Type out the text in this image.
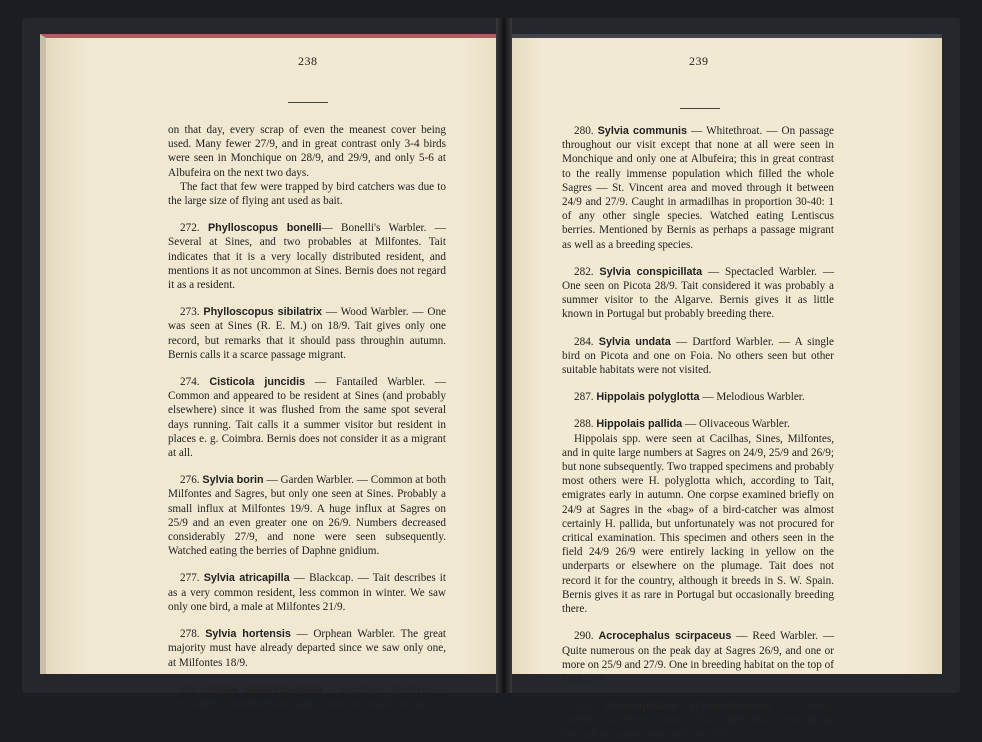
238

on that day, every scrap of even the meanest cover being used. Many fewer 27/9, and in great contrast only 3-4 birds were seen in Monchique on 28/9, and 29/9, and only 5-6 at Albufeira on the next two days.

The fact that few were trapped by bird catchers was due to the large size of flying ant used as bait.

272. Phylloscopus bonelli— Bonelli's Warbler. — Several at Sines, and two probables at Milfontes. Tait indicates that it is a very locally distributed resident, and mentions it as not uncommon at Sines. Bernis does not regard it as a resident.

273. Phylloscopus sibilatrix — Wood Warbler. — One was seen at Sines (R. E. M.) on 18/9. Tait gives only one record, but remarks that it should pass throughin autumn. Bernis calls it a scarce passage migrant.

274. Cisticola juncidis — Fantailed Warbler. — Common and appeared to be resident at Sines (and probably elsewhere) since it was flushed from the same spot several days running. Tait calls it a summer visitor but resident in places e. g. Coimbra. Bernis does not consider it as a migrant at all.

276. Sylvia borin — Garden Warbler. — Common at both Milfontes and Sagres, but only one seen at Sines. Probably a small influx at Milfontes 19/9. A huge influx at Sagres on 25/9 and an even greater one on 26/9. Numbers decreased considerably 27/9, and none were seen subsequently. Watched eating the berries of Daphne gnidium.

277. Sylvia atricapilla — Blackcap. — Tait describes it as a very common resident, less common in winter. We saw only one bird, a male at Milfontes 21/9.

278. Sylvia hortensis — Orphean Warbler. The great majority must have already departed since we saw only one, at Milfontes 18/9.

279. Sylvia melanocephala— Sardinian Warbler. — Very widely distributed and quite common, usually in pairs.

239

280. Sylvia communis — Whitethroat. — On passage throughout our visit except that none at all were seen in Monchique and only one at Albufeira; this in great contrast to the really immense population which filled the whole Sagres — St. Vincent area and moved through it between 24/9 and 27/9. Caught in armadilhas in proportion 30-40: 1 of any other single species. Watched eating Lentiscus berries. Mentioned by Bernis as perhaps a passage migrant as well as a breeding species.

282. Sylvia conspicillata — Spectacled Warbler. — One seen on Picota 28/9. Tait considered it was probably a summer visitor to the Algarve. Bernis gives it as little known in Portugal but probably breeding there.

284. Sylvia undata — Dartford Warbler. — A single bird on Picota and one on Foia. No others seen but other suitable habitats were not visited.

287. Hippolais polyglotta — Melodious Warbler.

288. Hippolais pallida — Olivaceous Warbler.

Hippolais spp. were seen at Cacilhas, Sines, Milfontes, and in quite large numbers at Sagres on 24/9, 25/9 and 26/9; but none subsequently. Two trapped specimens and probably most others were H. polyglotta which, according to Tait, emigrates early in autumn. One corpse examined briefly on 24/9 at Sagres in the «bag» of a bird-catcher was almost certainly H. pallida, but unfortunately was not procured for critical examination. This specimen and others seen in the field 24/9 26/9 were entirely lacking in yellow on the underparts or elsewhere on the plumage. Tait does not record it for the country, although it breeds in S. W. Spain. Bernis gives it as rare in Portugal but occasionally breeding there.

290. Acrocephalus scirpaceus — Reed Warbler. — Quite numerous on the peak day at Sagres 26/9, and one or more on 25/9 and 27/9. One in breeding habitat on the top of Foia 29/9.

292. Acrocephalus schoenobaenus — Sedge Warbler. — Several, mostly first-winter birds seen during the rush at Sagres, especially on 26/9.
